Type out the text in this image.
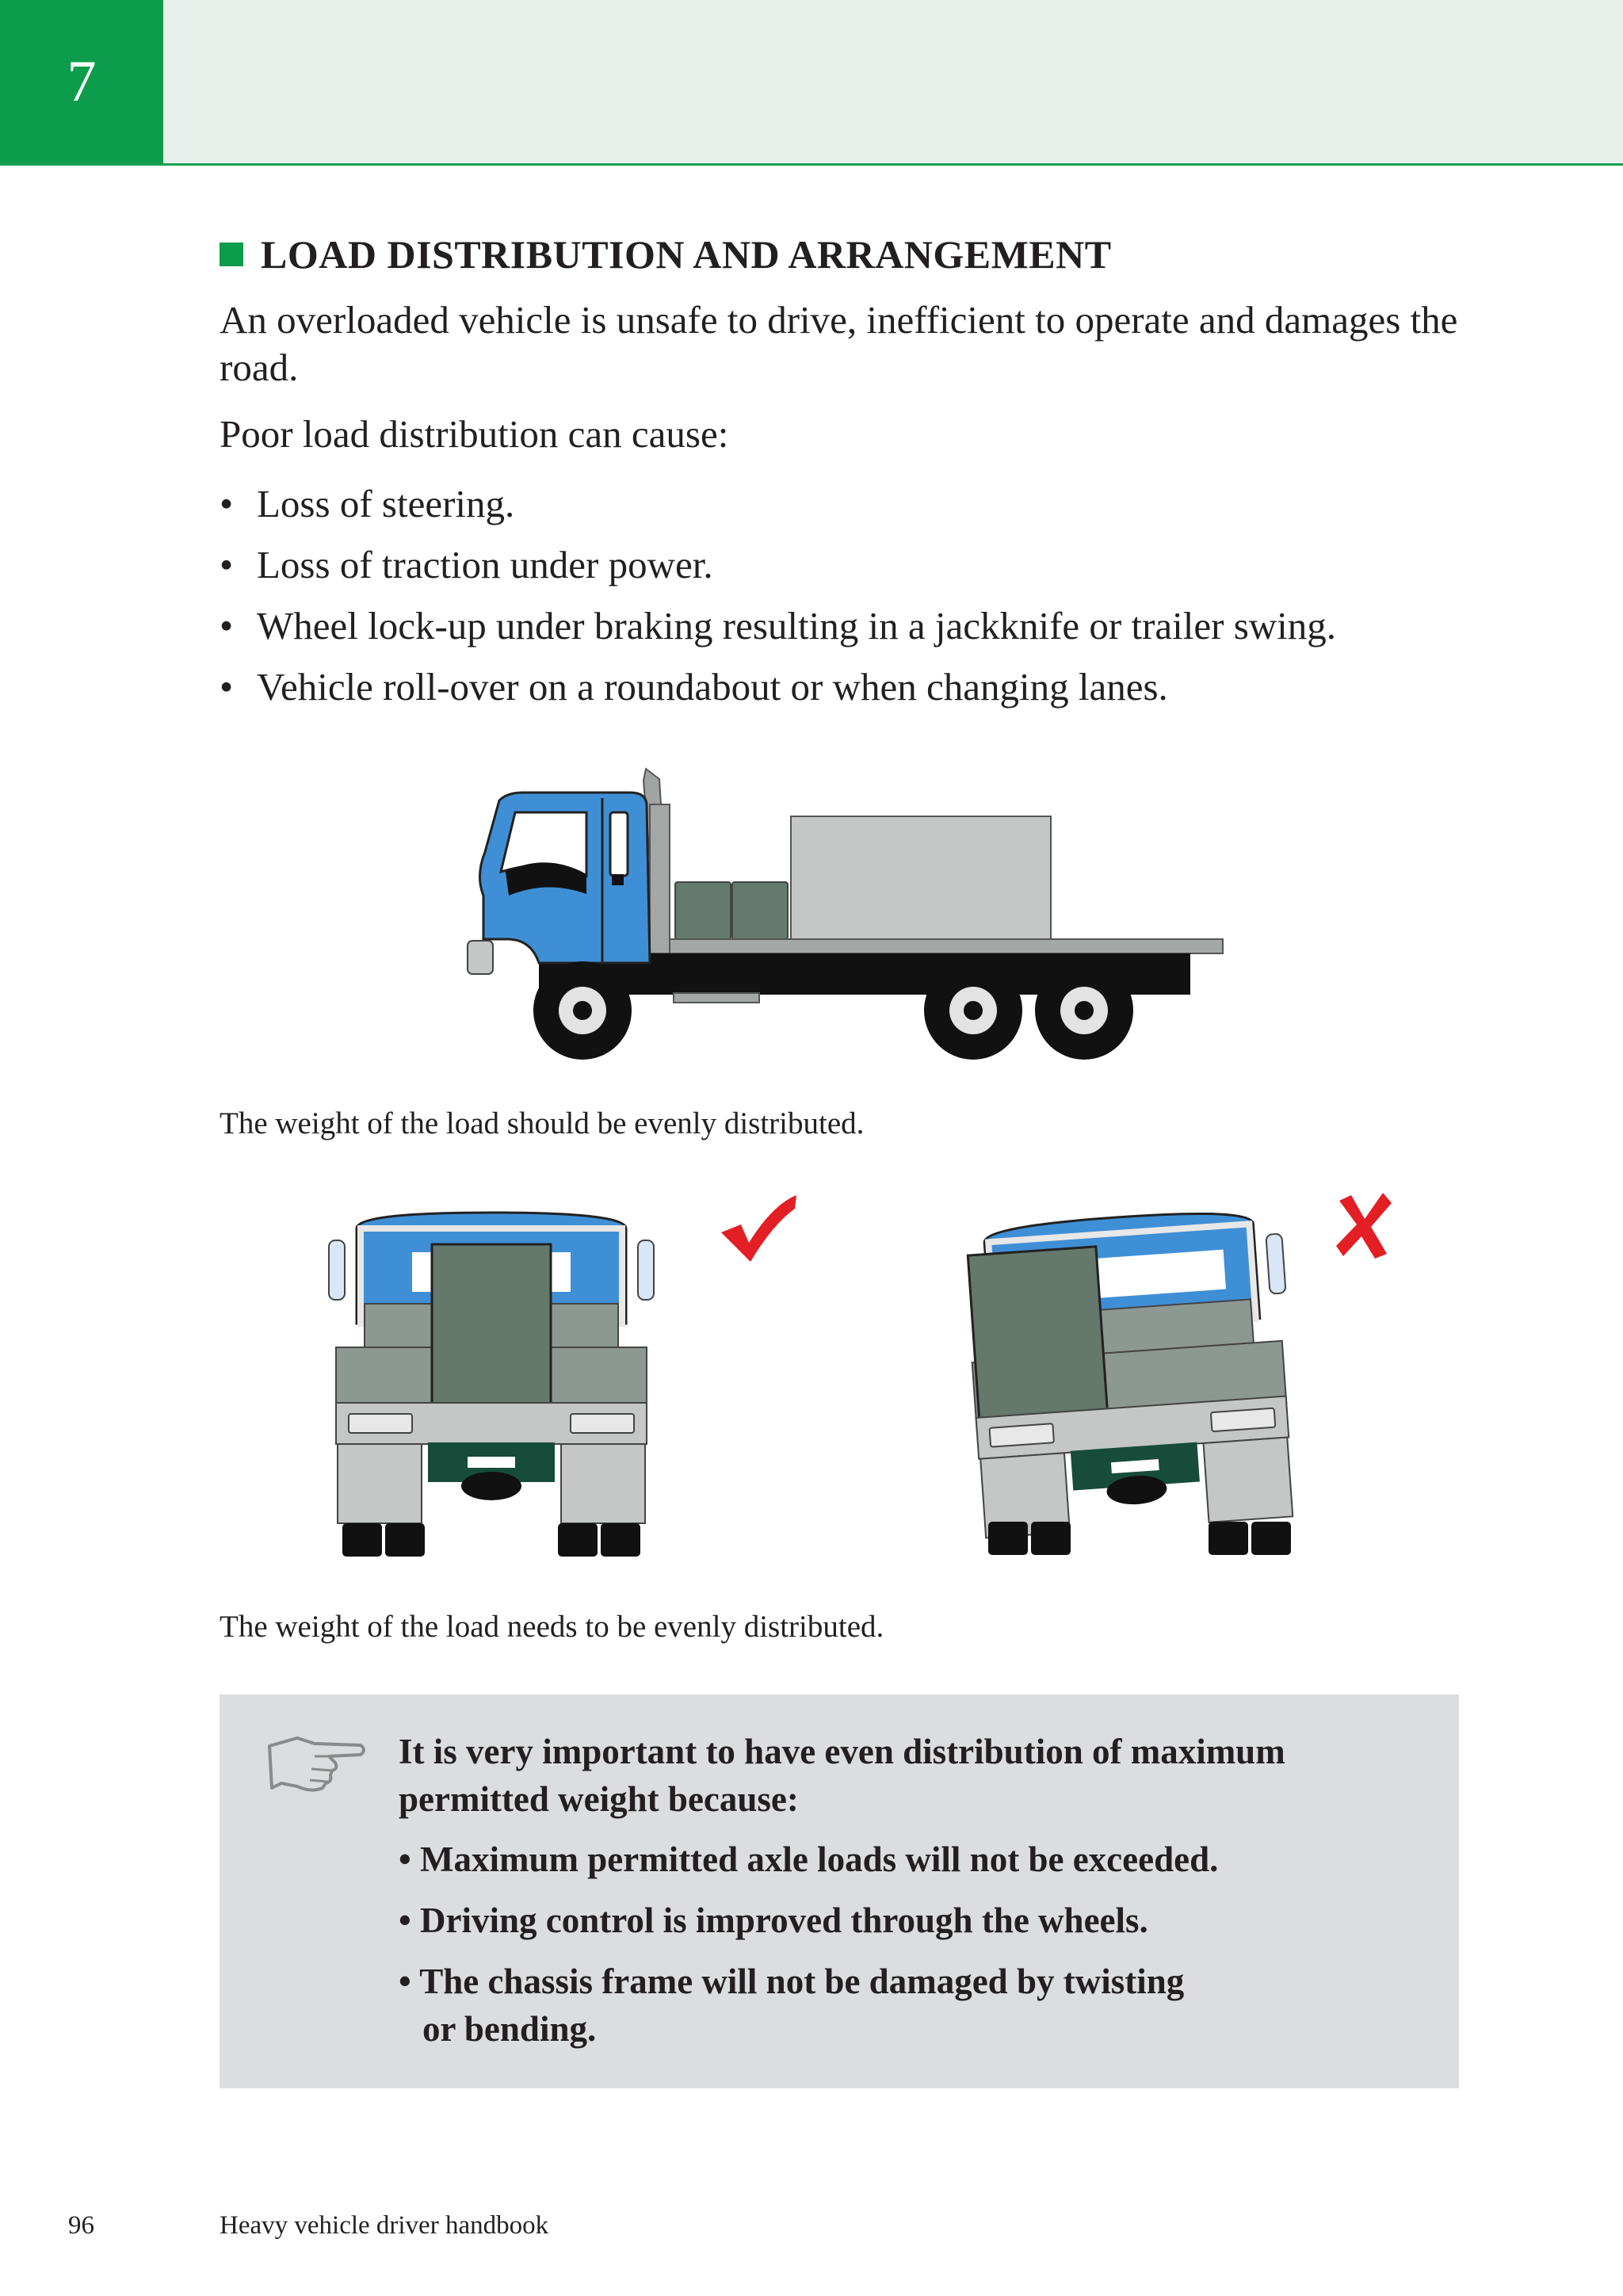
7
LOAD DISTRIBUTION AND ARRANGEMENT

An overloaded vehicle is unsafe to drive, inefficient to operate and damages the road.

Poor load distribution can cause:

• Loss of steering.
• Loss of traction under power.
• Wheel lock-up under braking resulting in a jackknife or trailer swing.
• Vehicle roll-over on a roundabout or when changing lanes.
The weight of the load should be evenly distributed.
The weight of the load needs to be evenly distributed.

It is very important to have even distribution of maximum
permitted weight because:

• Maximum permitted axle loads will not be exceeded.
• Driving control is improved through the wheels.
• The chassis frame will not be damaged by twisting
or bending.
96	Heavy vehicle driver handbook
